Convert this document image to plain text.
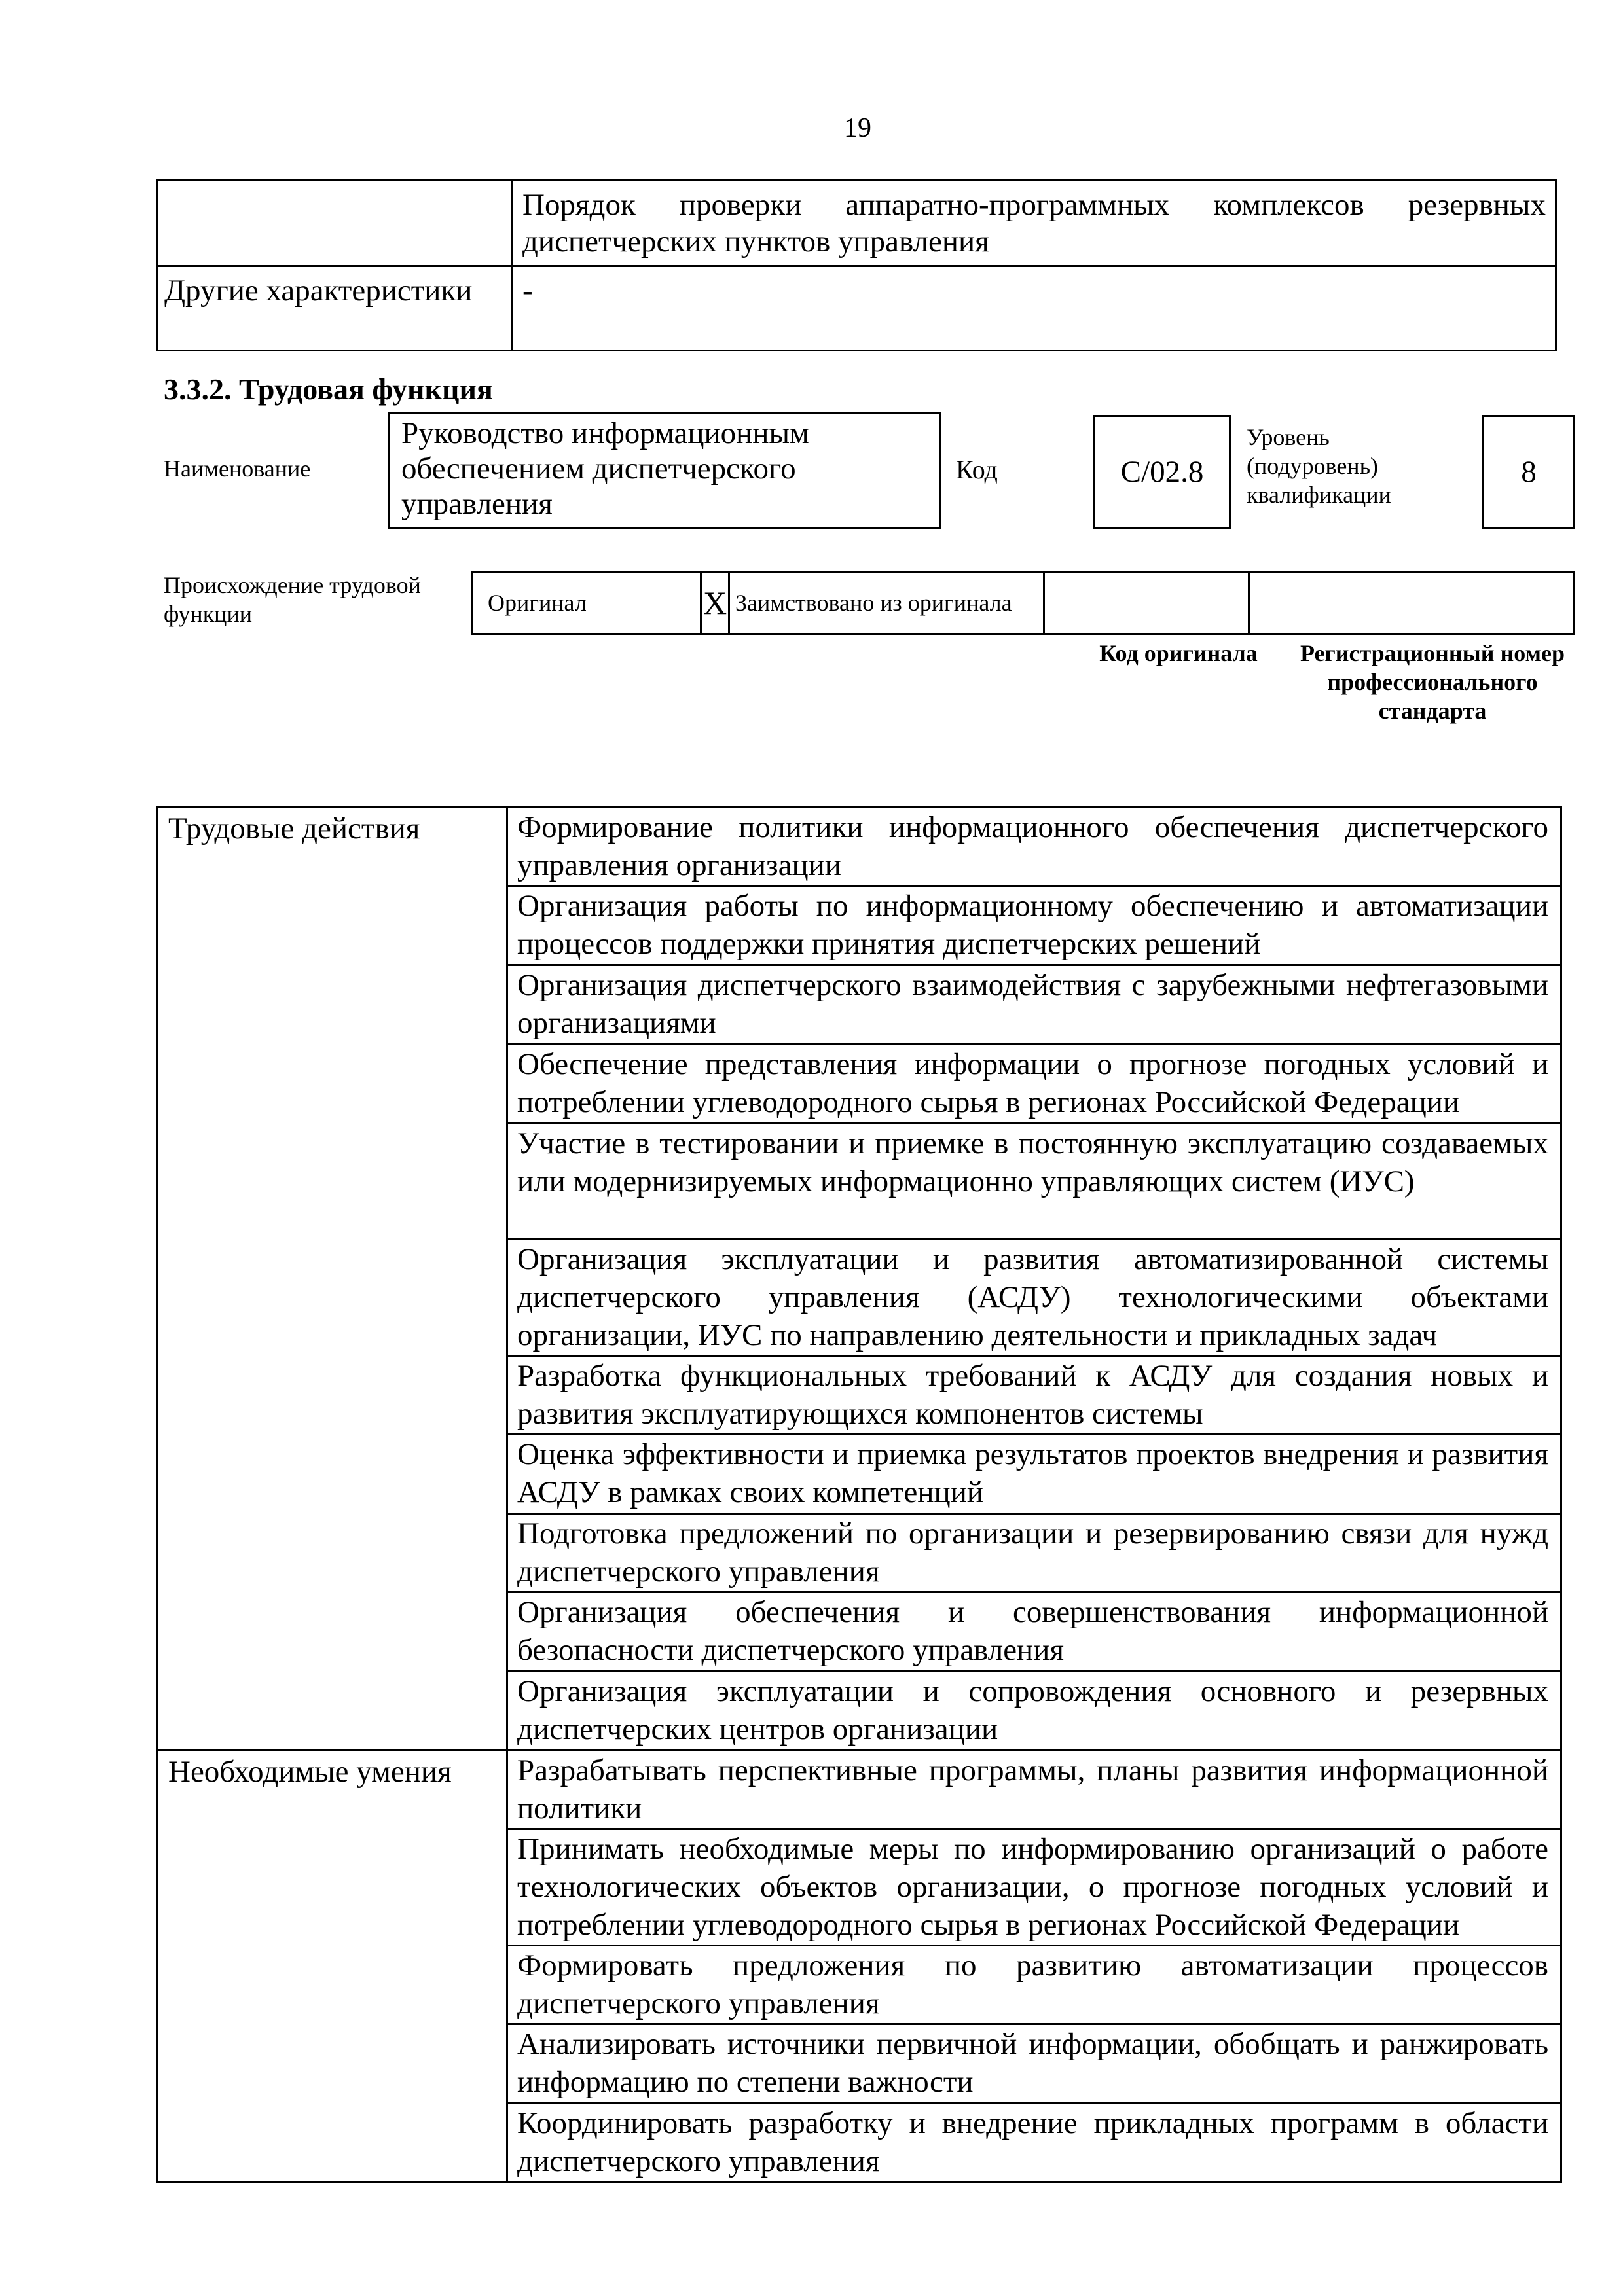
19
	Порядок проверки аппаратно-программных комплексов резервных диспетчерских пунктов управления
Другие характеристики	-
3.3.2. Трудовая функция
Наименование
Руководство информационным обеспечением диспетчерского управления
Код	С/02.8
Уровень
(подуровень)
квалификации
8
Происхождение трудовой
функции	Оригинал	X	Заимствовано из оригинала		
Код оригинала	Регистрационный номер профессионального стандарта
Трудовые действия	Формирование политики информационного обеспечения диспетчерского управления организации
	Организация работы по информационному обеспечению и автоматизации процессов поддержки принятия диспетчерских решений
	Организация диспетчерского взаимодействия с зарубежными нефтегазовыми организациями
	Обеспечение представления информации о прогнозе погодных условий и потреблении углеводородного сырья в регионах Российской Федерации
	Участие в тестировании и приемке в постоянную эксплуатацию создаваемых или модернизируемых информационно управляющих систем (ИУС)
	Организация эксплуатации и развития автоматизированной системы диспетчерского управления (АСДУ) технологическими объектами организации, ИУС по направлению деятельности и прикладных задач
	Разработка функциональных требований к АСДУ для создания новых и развития эксплуатирующихся компонентов системы
	Оценка эффективности и приемка результатов проектов внедрения и развития АСДУ в рамках своих компетенций
	Подготовка предложений по организации и резервированию связи для нужд диспетчерского управления
	Организация обеспечения и совершенствования информационной безопасности диспетчерского управления
	Организация эксплуатации и сопровождения основного и резервных диспетчерских центров организации
Необходимые умения	Разрабатывать перспективные программы, планы развития информационной политики
	Принимать необходимые меры по информированию организаций о работе технологических объектов организации, о прогнозе погодных условий и потреблении углеводородного сырья в регионах Российской Федерации
	Формировать предложения по развитию автоматизации процессов диспетчерского управления
	Анализировать источники первичной информации, обобщать и ранжировать информацию по степени важности
	Координировать разработку и внедрение прикладных программ в области диспетчерского управления
